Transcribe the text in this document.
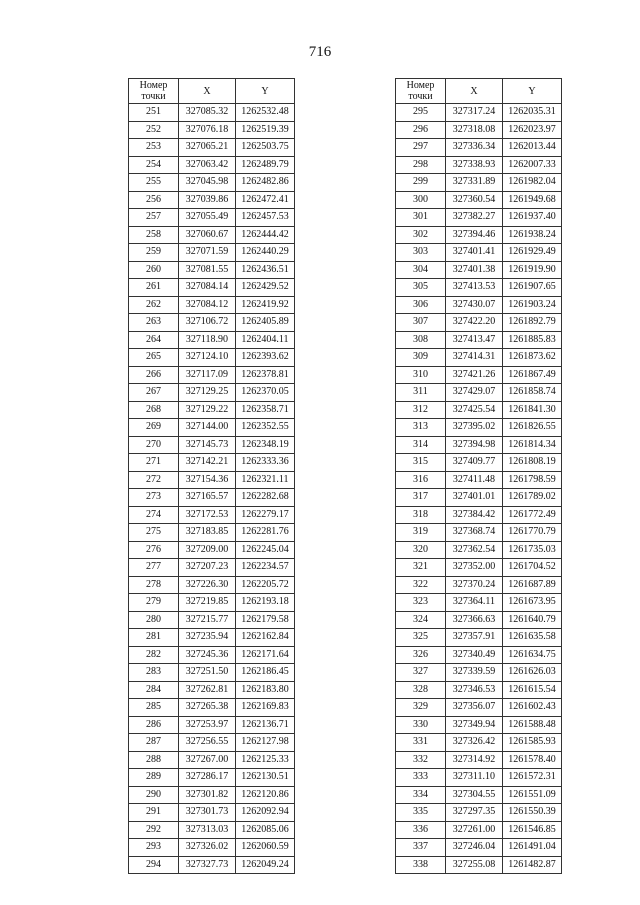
716
Номер
точки	X	Y
251	327085.32	1262532.48
252	327076.18	1262519.39
253	327065.21	1262503.75
254	327063.42	1262489.79
255	327045.98	1262482.86
256	327039.86	1262472.41
257	327055.49	1262457.53
258	327060.67	1262444.42
259	327071.59	1262440.29
260	327081.55	1262436.51
261	327084.14	1262429.52
262	327084.12	1262419.92
263	327106.72	1262405.89
264	327118.90	1262404.11
265	327124.10	1262393.62
266	327117.09	1262378.81
267	327129.25	1262370.05
268	327129.22	1262358.71
269	327144.00	1262352.55
270	327145.73	1262348.19
271	327142.21	1262333.36
272	327154.36	1262321.11
273	327165.57	1262282.68
274	327172.53	1262279.17
275	327183.85	1262281.76
276	327209.00	1262245.04
277	327207.23	1262234.57
278	327226.30	1262205.72
279	327219.85	1262193.18
280	327215.77	1262179.58
281	327235.94	1262162.84
282	327245.36	1262171.64
283	327251.50	1262186.45
284	327262.81	1262183.80
285	327265.38	1262169.83
286	327253.97	1262136.71
287	327256.55	1262127.98
288	327267.00	1262125.33
289	327286.17	1262130.51
290	327301.82	1262120.86
291	327301.73	1262092.94
292	327313.03	1262085.06
293	327326.02	1262060.59
294	327327.73	1262049.24
Номер
точки	X	Y
295	327317.24	1262035.31
296	327318.08	1262023.97
297	327336.34	1262013.44
298	327338.93	1262007.33
299	327331.89	1261982.04
300	327360.54	1261949.68
301	327382.27	1261937.40
302	327394.46	1261938.24
303	327401.41	1261929.49
304	327401.38	1261919.90
305	327413.53	1261907.65
306	327430.07	1261903.24
307	327422.20	1261892.79
308	327413.47	1261885.83
309	327414.31	1261873.62
310	327421.26	1261867.49
311	327429.07	1261858.74
312	327425.54	1261841.30
313	327395.02	1261826.55
314	327394.98	1261814.34
315	327409.77	1261808.19
316	327411.48	1261798.59
317	327401.01	1261789.02
318	327384.42	1261772.49
319	327368.74	1261770.79
320	327362.54	1261735.03
321	327352.00	1261704.52
322	327370.24	1261687.89
323	327364.11	1261673.95
324	327366.63	1261640.79
325	327357.91	1261635.58
326	327340.49	1261634.75
327	327339.59	1261626.03
328	327346.53	1261615.54
329	327356.07	1261602.43
330	327349.94	1261588.48
331	327326.42	1261585.93
332	327314.92	1261578.40
333	327311.10	1261572.31
334	327304.55	1261551.09
335	327297.35	1261550.39
336	327261.00	1261546.85
337	327246.04	1261491.04
338	327255.08	1261482.87
